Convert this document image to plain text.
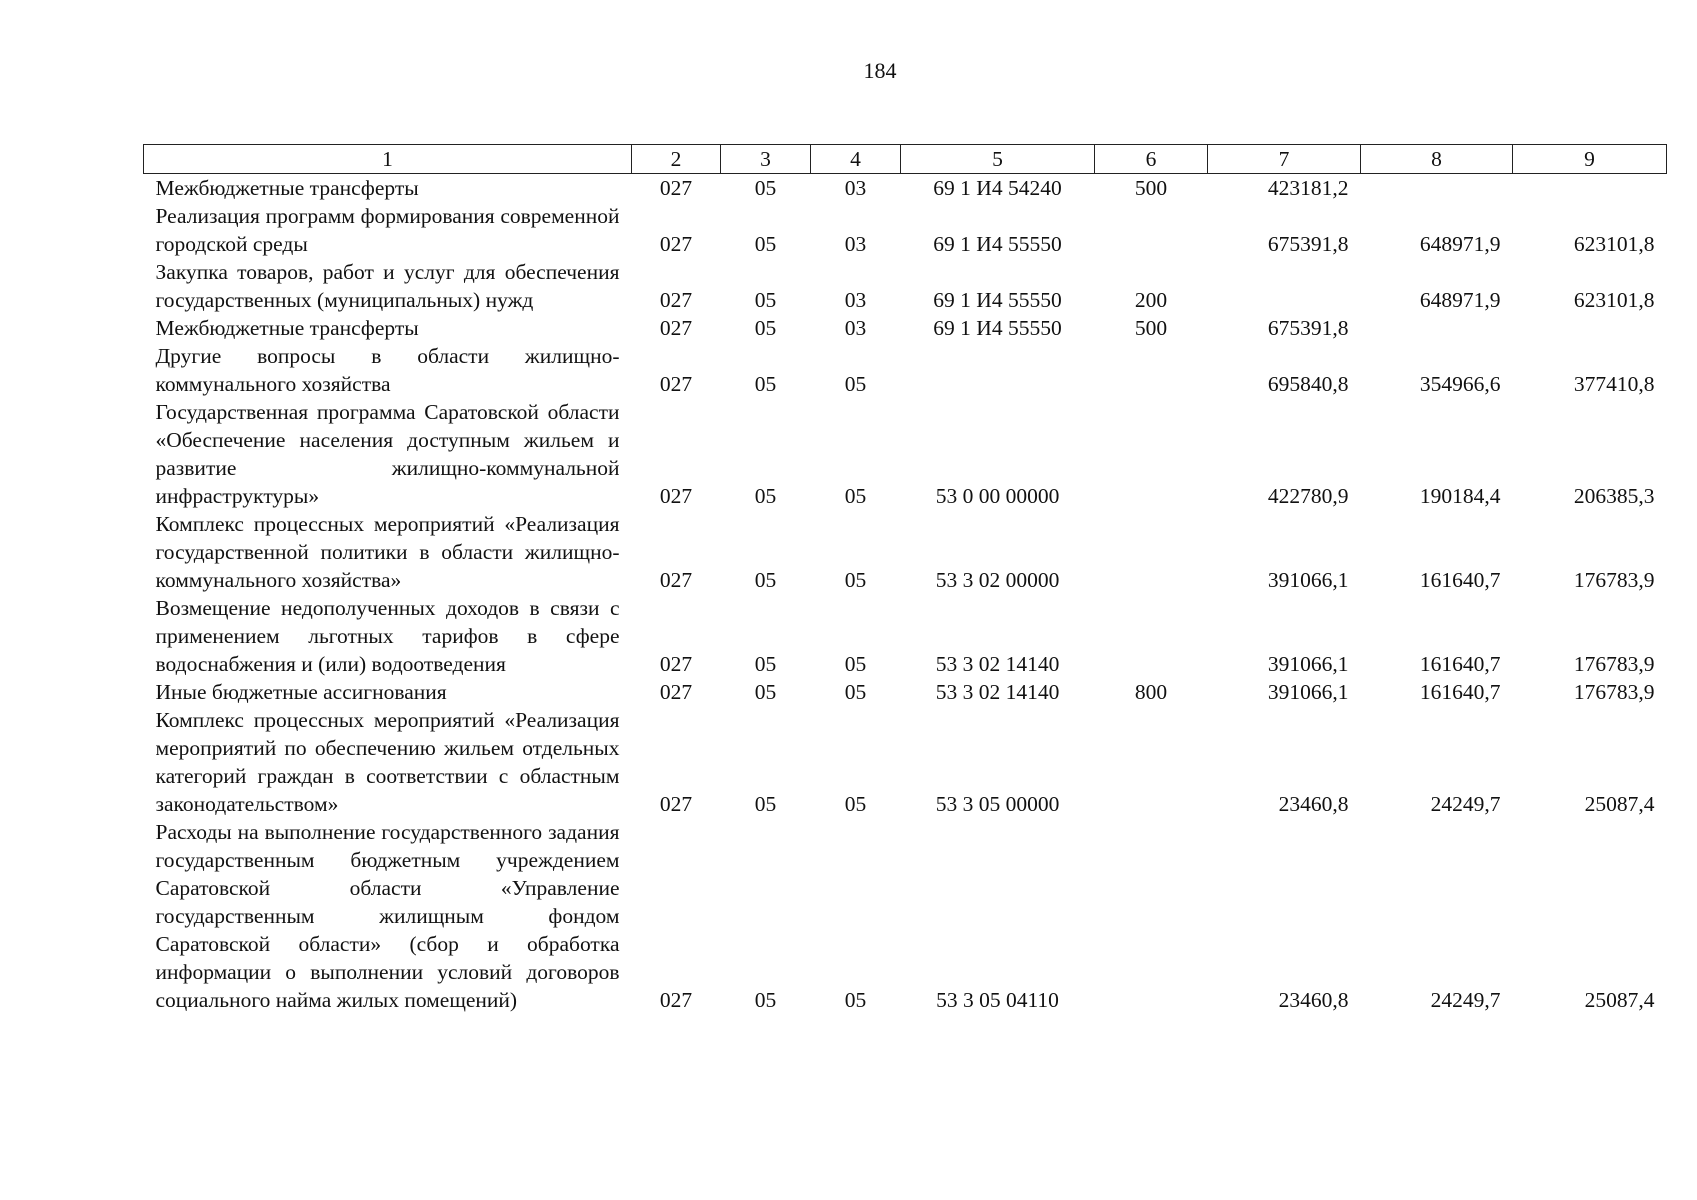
184
1	2	3	4	5	6	7	8	9
Межбюджетные трансферты	027	05	03	69 1 И4 54240	500	423181,2		
Реализация программ формирования современной городской среды	027	05	03	69 1 И4 55550		675391,8	648971,9	623101,8
Закупка товаров, работ и услуг для обеспечения государственных (муниципальных) нужд	027	05	03	69 1 И4 55550	200		648971,9	623101,8
Межбюджетные трансферты	027	05	03	69 1 И4 55550	500	675391,8		
Другие вопросы в области жилищно-коммунального хозяйства	027	05	05			695840,8	354966,6	377410,8
Государственная программа Саратовской области «Обеспечение населения доступным жильем и развитие жилищно-коммунальной инфраструктуры»	027	05	05	53 0 00 00000		422780,9	190184,4	206385,3
Комплекс процессных мероприятий «Реализация государственной политики в области жилищно-коммунального хозяйства»	027	05	05	53 3 02 00000		391066,1	161640,7	176783,9
Возмещение недополученных доходов в связи с применением льготных тарифов в сфере водоснабжения и (или) водоотведения	027	05	05	53 3 02 14140		391066,1	161640,7	176783,9
Иные бюджетные ассигнования	027	05	05	53 3 02 14140	800	391066,1	161640,7	176783,9
Комплекс процессных мероприятий «Реализация мероприятий по обеспечению жильем отдельных категорий граждан в соответствии с областным законодательством»	027	05	05	53 3 05 00000		23460,8	24249,7	25087,4
Расходы на выполнение государственного задания государственным бюджетным учреждением Саратовской области «Управление государственным жилищным фондом Саратовской области» (сбор и обработка информации о выполнении условий договоров социального найма жилых помещений)	027	05	05	53 3 05 04110		23460,8	24249,7	25087,4
